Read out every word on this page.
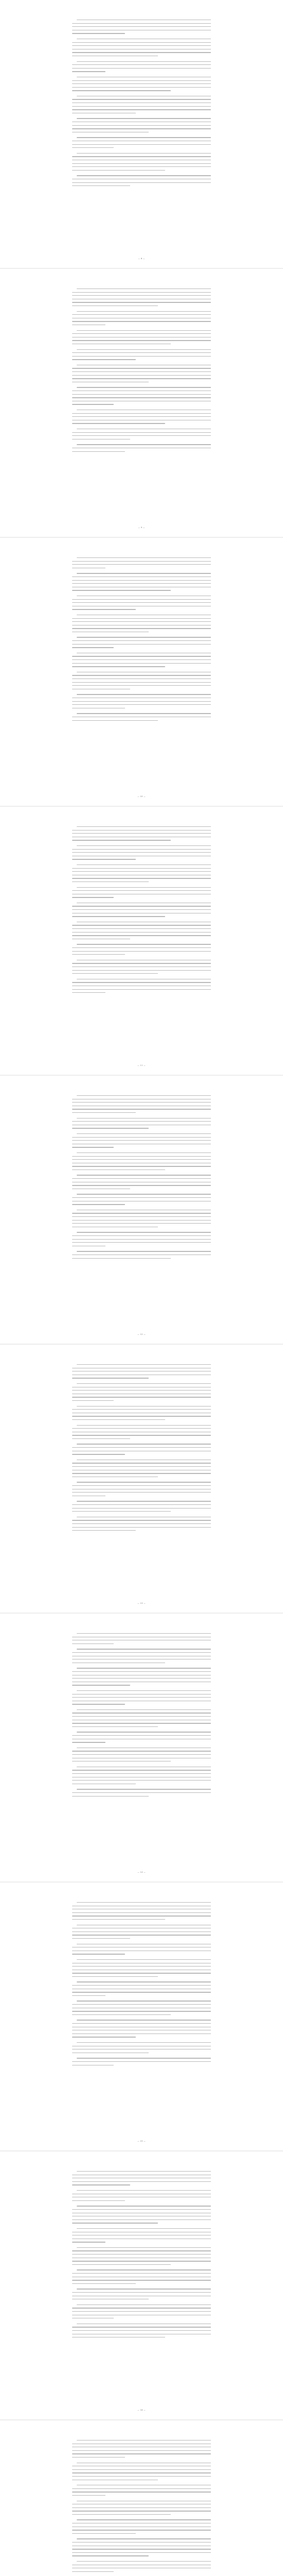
— 8 —
— 9 —
— 10 —
— 11 —
— 12 —
— 13 —
— 14 —
— 15 —
— 16 —
